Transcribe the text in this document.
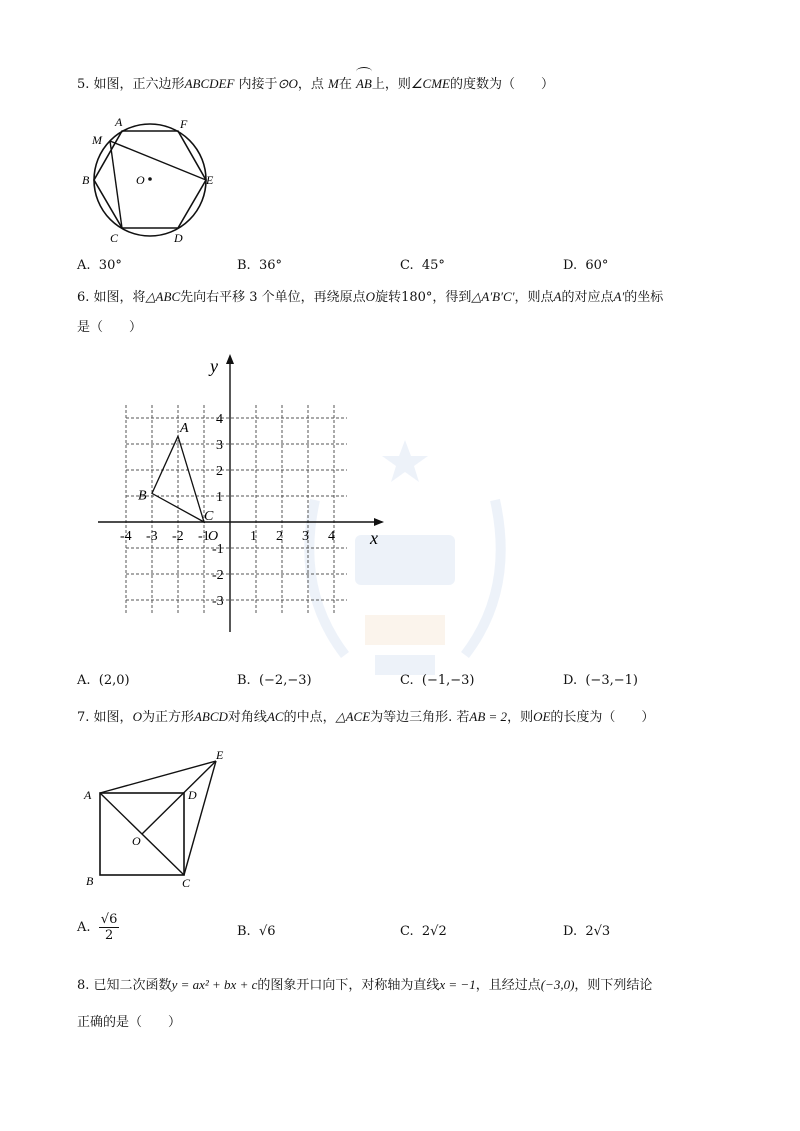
5. 如图，正六边形ABCDEF 内接于⊙O，点 M在 AB上，则∠CME的度数为（　　）
A	F
M
B	O	E
C	D
A. 30°	B. 36°	C. 45°	D. 60°
6. 如图，将△ABC先向右平移 3 个单位，再绕原点O旋转180°，得到△A′B′C′，则点A的对应点A′的坐标
是（　　）
y
x
O
-4 -3 -2 -1	1 2 3 4
4
3
2
1
-1
-2
-3
A
B
C
A. (2,0)	B. (−2,−3)	C. (−1,−3)	D. (−3,−1)
7. 如图，O为正方形ABCD对角线AC的中点，△ACE为等边三角形. 若AB = 2，则OE的长度为（　　）
A
B	C
D
E
O
A. $\frac{√6}{2}$	B. √6	C. 2√2	D. 2√3
8. 已知二次函数y = ax² + bx + c的图象开口向下，对称轴为直线x = −1，且经过点(−3,0)，则下列结论
正确的是（　　）
